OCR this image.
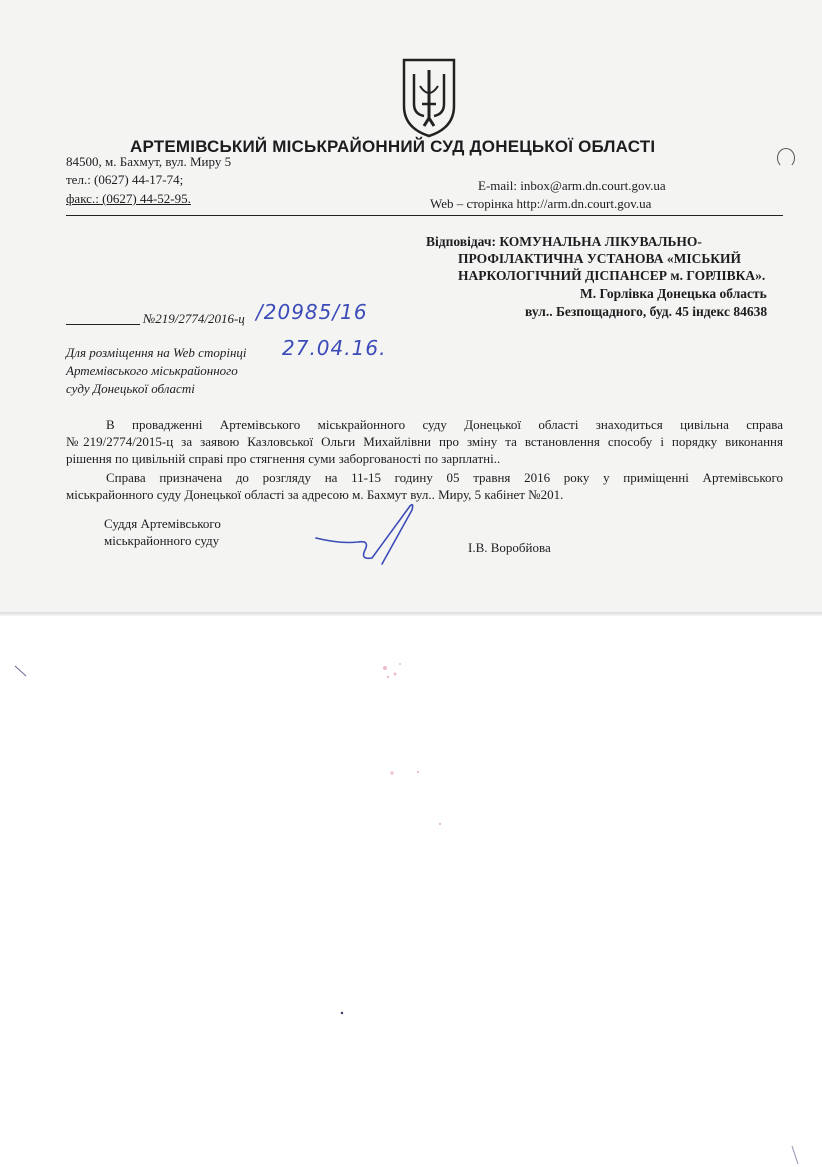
АРТЕМІВСЬКИЙ МІСЬКРАЙОННИЙ СУД ДОНЕЦЬКОЇ ОБЛАСТІ
84500, м. Бахмут, вул. Миру 5
тел.: (0627) 44-17-74;
факс.: (0627) 44-52-95.
E-mail: inbox@arm.dn.court.gov.ua
Web – сторінка http://arm.dn.court.gov.ua
Відповідач: КОМУНАЛЬНА ЛІКУВАЛЬНО-
ПРОФІЛАКТИЧНА УСТАНОВА «МІСЬКИЙ
НАРКОЛОГІЧНИЙ ДІСПАНСЕР м. ГОРЛІВКА».
М. Горлівка Донецька область
вул.. Безпощадного, буд. 45 індекс 84638
№219/2774/2016-ц /20985/16
27.04.16.
Для розміщення на Web сторінці
Артемівського міськрайонного
суду Донецької області
В провадженні Артемівського міськрайонного суду Донецької області знаходиться цивільна справа
№219/2774/2015-ц за заявою Казловської Ольги Михайлівни про зміну та встановлення способу і порядку виконання
рішення по цивільній справі про стягнення суми заборгованості по зарплатні..
Справа призначена до розгляду на 11-15 годину 05 травня 2016 року у приміщенні Артемівського
міськрайонного суду Донецької області за адресою м. Бахмут вул.. Миру, 5 кабінет №201.
Суддя Артемівського
міськрайонного суду	І.В. Воробйова
